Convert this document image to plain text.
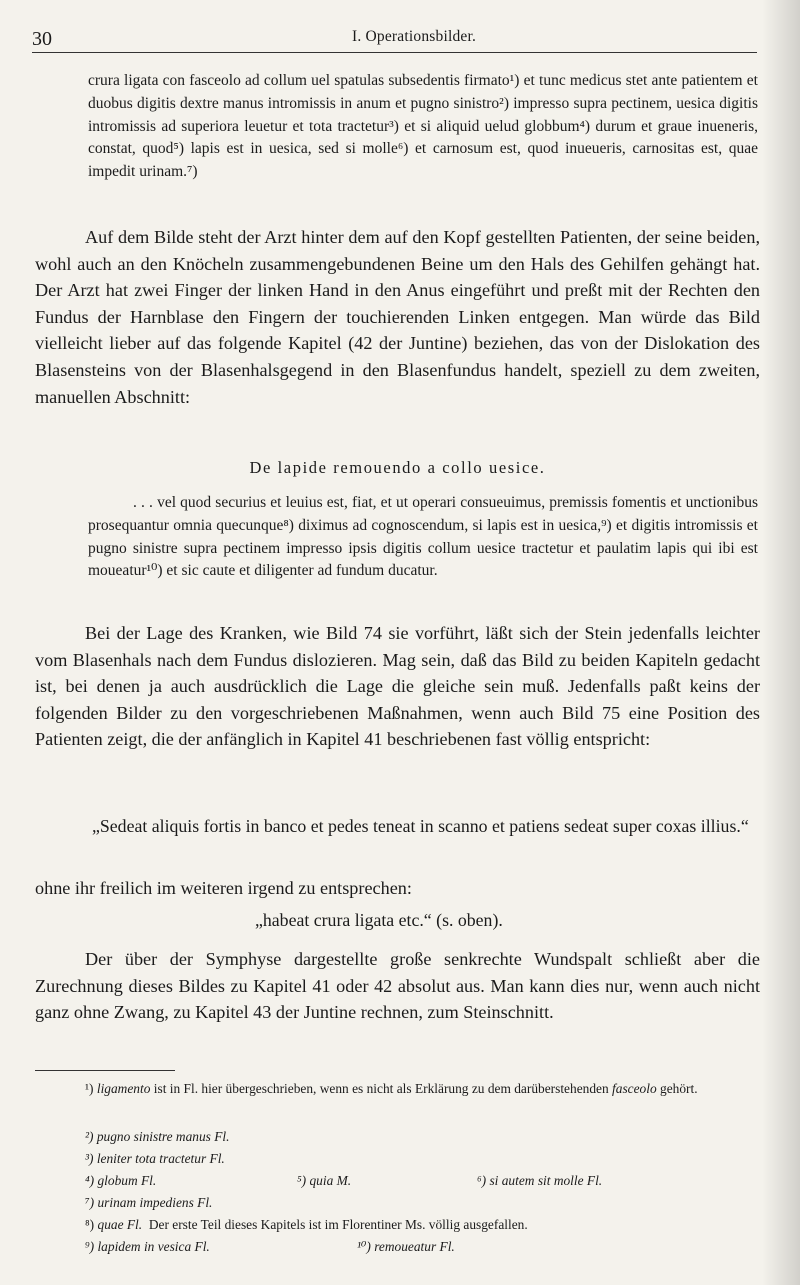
30	I. Operationsbilder.

crura ligata con fasceolo ad collum uel spatulas subsedentis firmato¹) et tunc medicus stet ante patientem et duobus digitis dextre manus intromissis in anum et pugno sinistro²) impresso supra pectinem, uesica digitis intromissis ad superiora leuetur et tota tractetur³) et si aliquid uelud globbum⁴) durum et graue inueneris, constat, quod⁵) lapis est in uesica, sed si molle⁶) et carnosum est, quod inueueris, carnositas est, quae impedit urinam.⁷)

Auf dem Bilde steht der Arzt hinter dem auf den Kopf gestellten Patienten, der seine beiden, wohl auch an den Knöcheln zusammengebundenen Beine um den Hals des Gehilfen gehängt hat. Der Arzt hat zwei Finger der linken Hand in den Anus eingeführt und preßt mit der Rechten den Fundus der Harnblase den Fingern der touchierenden Linken entgegen. Man würde das Bild vielleicht lieber auf das folgende Kapitel (42 der Juntine) beziehen, das von der Dislokation des Blasensteins von der Blasenhalsgegend in den Blasenfundus handelt, speziell zu dem zweiten, manuellen Abschnitt:

De lapide remouendo a collo uesice.

. . . vel quod securius et leuius est, fiat, et ut operari consueuimus, premissis fomentis et unctionibus prosequantur omnia quecunque⁸) diximus ad cognoscendum, si lapis est in uesica,⁹) et digitis intromissis et pugno sinistre supra pectinem impresso ipsis digitis collum uesice tractetur et paulatim lapis qui ibi est moueatur¹⁰) et sic caute et diligenter ad fundum ducatur.

Bei der Lage des Kranken, wie Bild 74 sie vorführt, läßt sich der Stein jedenfalls leichter vom Blasenhals nach dem Fundus dislozieren. Mag sein, daß das Bild zu beiden Kapiteln gedacht ist, bei denen ja auch ausdrücklich die Lage die gleiche sein muß. Jedenfalls paßt keins der folgenden Bilder zu den vorgeschriebenen Maßnahmen, wenn auch Bild 75 eine Position des Patienten zeigt, die der anfänglich in Kapitel 41 beschriebenen fast völlig entspricht:

„Sedeat aliquis fortis in banco et pedes teneat in scanno et patiens sedeat super coxas illius.“

ohne ihr freilich im weiteren irgend zu entsprechen:

„habeat crura ligata etc.“ (s. oben).

Der über der Symphyse dargestellte große senkrechte Wundspalt schließt aber die Zurechnung dieses Bildes zu Kapitel 41 oder 42 absolut aus. Man kann dies nur, wenn auch nicht ganz ohne Zwang, zu Kapitel 43 der Juntine rechnen, zum Steinschnitt.

¹) ligamento ist in Fl. hier übergeschrieben, wenn es nicht als Erklärung zu dem darüberstehenden fasceolo gehört.

²) pugno sinistre manus Fl.

³) leniter tota tractetur Fl.

⁴) globum Fl.	⁵) quia M.	⁶) si autem sit molle Fl.

⁷) urinam impediens Fl.

⁸) quae Fl. Der erste Teil dieses Kapitels ist im Florentiner Ms. völlig ausgefallen.

⁹) lapidem in vesica Fl.	¹⁰) remoueatur Fl.
